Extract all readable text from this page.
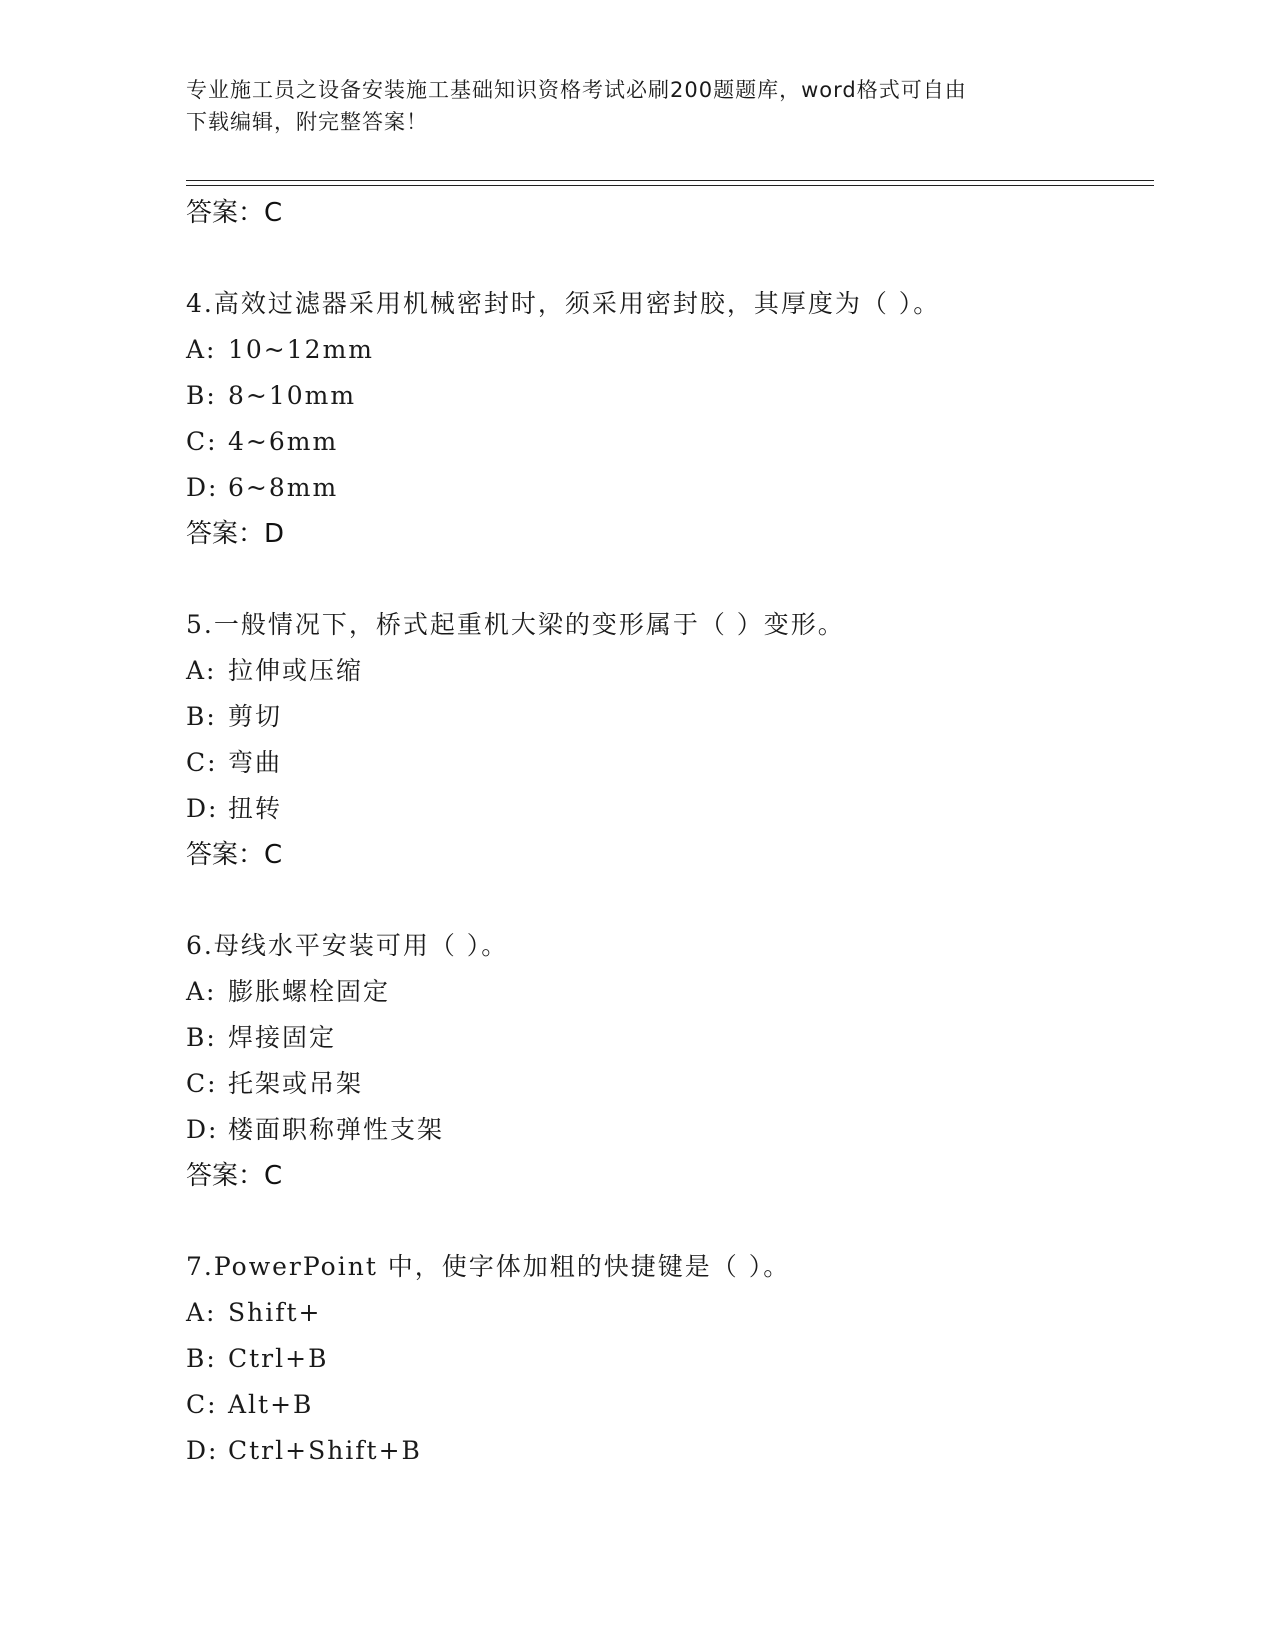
专业施工员之设备安装施工基础知识资格考试必刷200题题库，word格式可自由
下载编辑，附完整答案！
答案：C
4.高效过滤器采用机械密封时，须采用密封胶，其厚度为（ ）。
A: 10~12mm
B: 8~10mm
C: 4~6mm
D: 6~8mm
答案：D
5.一般情况下，桥式起重机大梁的变形属于（ ）变形。
A: 拉伸或压缩
B: 剪切
C: 弯曲
D: 扭转
答案：C
6.母线水平安装可用（ ）。
A: 膨胀螺栓固定
B: 焊接固定
C: 托架或吊架
D: 楼面职称弹性支架
答案：C
7.PowerPoint 中，使字体加粗的快捷键是（ ）。
A: Shift+
B: Ctrl+B
C: Alt+B
D: Ctrl+Shift+B
